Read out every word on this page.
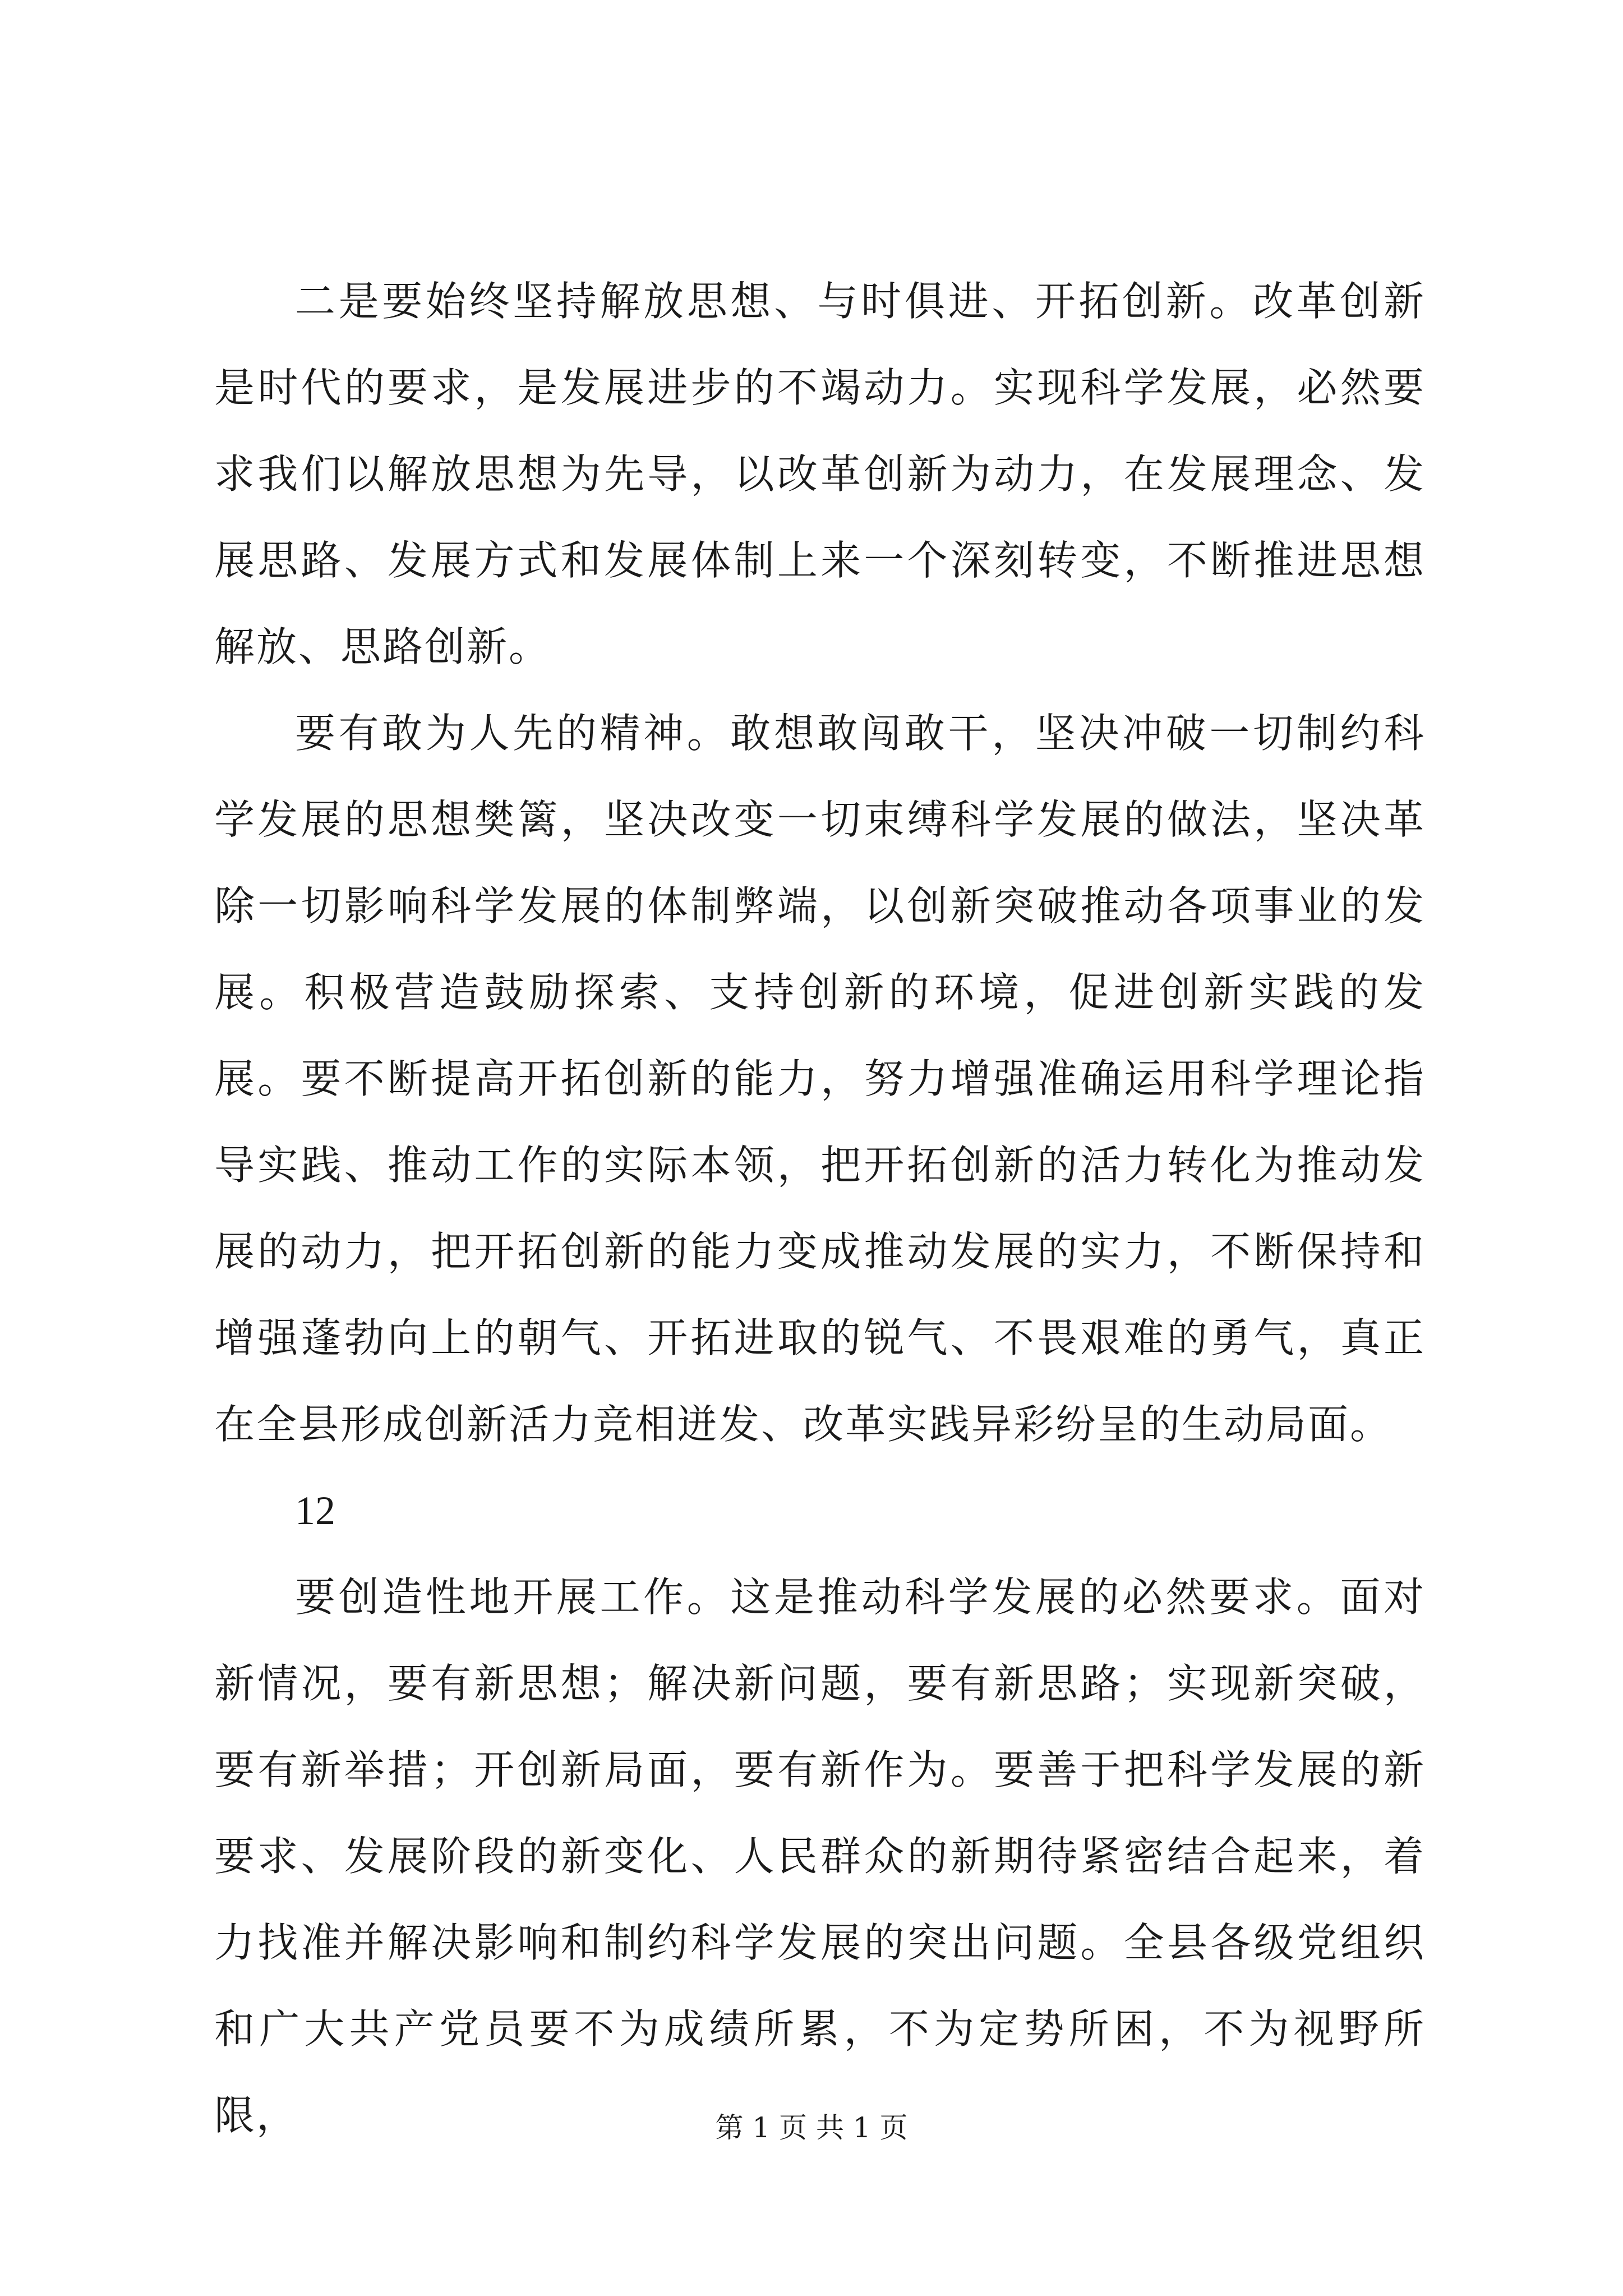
二是要始终坚持解放思想、与时俱进、开拓创新。改革创新是时代的要求，是发展进步的不竭动力。实现科学发展，必然要求我们以解放思想为先导，以改革创新为动力，在发展理念、发展思路、发展方式和发展体制上来一个深刻转变，不断推进思想解放、思路创新。

要有敢为人先的精神。敢想敢闯敢干，坚决冲破一切制约科学发展的思想樊篱，坚决改变一切束缚科学发展的做法，坚决革除一切影响科学发展的体制弊端，以创新突破推动各项事业的发展。积极营造鼓励探索、支持创新的环境，促进创新实践的发展。要不断提高开拓创新的能力，努力增强准确运用科学理论指导实践、推动工作的实际本领，把开拓创新的活力转化为推动发展的动力，把开拓创新的能力变成推动发展的实力，不断保持和增强蓬勃向上的朝气、开拓进取的锐气、不畏艰难的勇气，真正在全县形成创新活力竞相迸发、改革实践异彩纷呈的生动局面。

12

要创造性地开展工作。这是推动科学发展的必然要求。面对新情况，要有新思想；解决新问题，要有新思路；实现新突破，要有新举措；开创新局面，要有新作为。要善于把科学发展的新要求、发展阶段的新变化、人民群众的新期待紧密结合起来，着力找准并解决影响和制约科学发展的突出问题。全县各级党组织和广大共产党员要不为成绩所累，不为定势所困，不为视野所限，	第 1 页 共 1 页
